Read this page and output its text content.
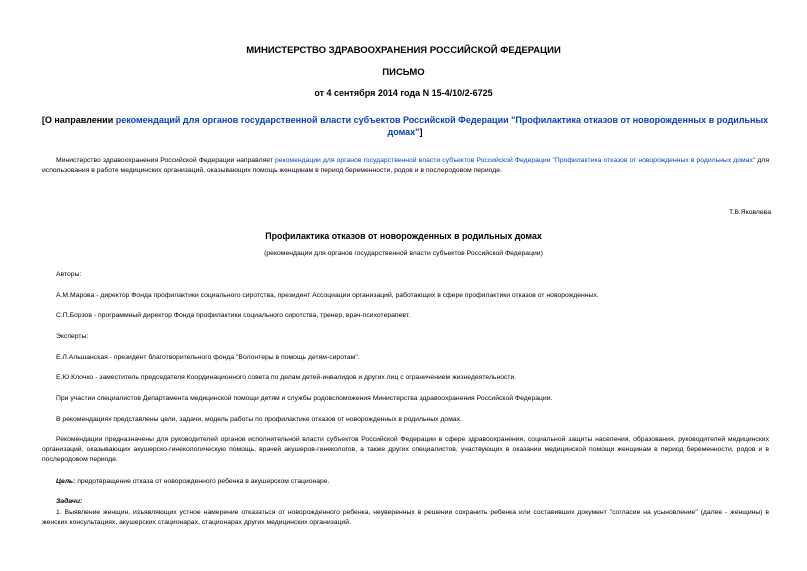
МИНИСТЕРСТВО ЗДРАВООХРАНЕНИЯ РОССИЙСКОЙ ФЕДЕРАЦИИ
ПИСЬМО
от 4 сентября 2014 года N 15-4/10/2-6725
[О направлении рекомендаций для органов государственной власти субъектов Российской Федерации "Профилактика отказов от новорожденных в родильных домах"]

Министерство здравоохранения Российской Федерации направляет рекомендации для органов государственной власти субъектов Российской Федерации "Профилактика отказов от новорожденных в родильных домах" для использования в работе медицинских организаций, оказывающих помощь женщинам в период беременности, родов и в послеродовом периоде.

Т.В.Яковлева
Профилактика отказов от новорожденных в родильных домах
(рекомендации для органов государственной власти субъектов Российской Федерации)

Авторы:

А.М.Марова - директор Фонда профилактики социального сиротства, президент Ассоциации организаций, работающих в сфере профилактики отказов от новорожденных.

С.П.Борзов - программный директор Фонда профилактики социального сиротства, тренер, врач-психотерапевт.

Эксперты:

Е.Л.Альшанская - президент благотворительного фонда "Волонтеры в помощь детям-сиротам".

Е.Ю.Клочко - заместитель председателя Координационного совета по делам детей-инвалидов и других лиц с ограничением жизнедеятельности.

При участии специалистов Департамента медицинской помощи детям и службы родовспоможения Министерства здравоохранения Российской Федерации.

В рекомендациях представлены цели, задачи, модель работы по профилактике отказов от новорожденных в родильных домах.

Рекомендации предназначены для руководителей органов исполнительной власти субъектов Российской Федерации в сфере здравоохранения, социальной защиты населения, образования, руководителей медицинских организаций, оказывающих акушерско-гинекологическую помощь, врачей акушеров-гинекологов, а также других специалистов, участвующих в оказании медицинской помощи женщинам в период беременности, родов и в послеродовом периоде.

Цель: предотвращение отказа от новорожденного ребенка в акушерском стационаре.

Задачи:

1. Выявление женщин, изъявляющих устное намерение отказаться от новорожденного ребенка, неуверенных в решении сохранить ребенка или составивших документ "согласие на усыновление" (далее - женщины) в женских консультациях, акушерских стационарах, стационарах других медицинских организаций.
